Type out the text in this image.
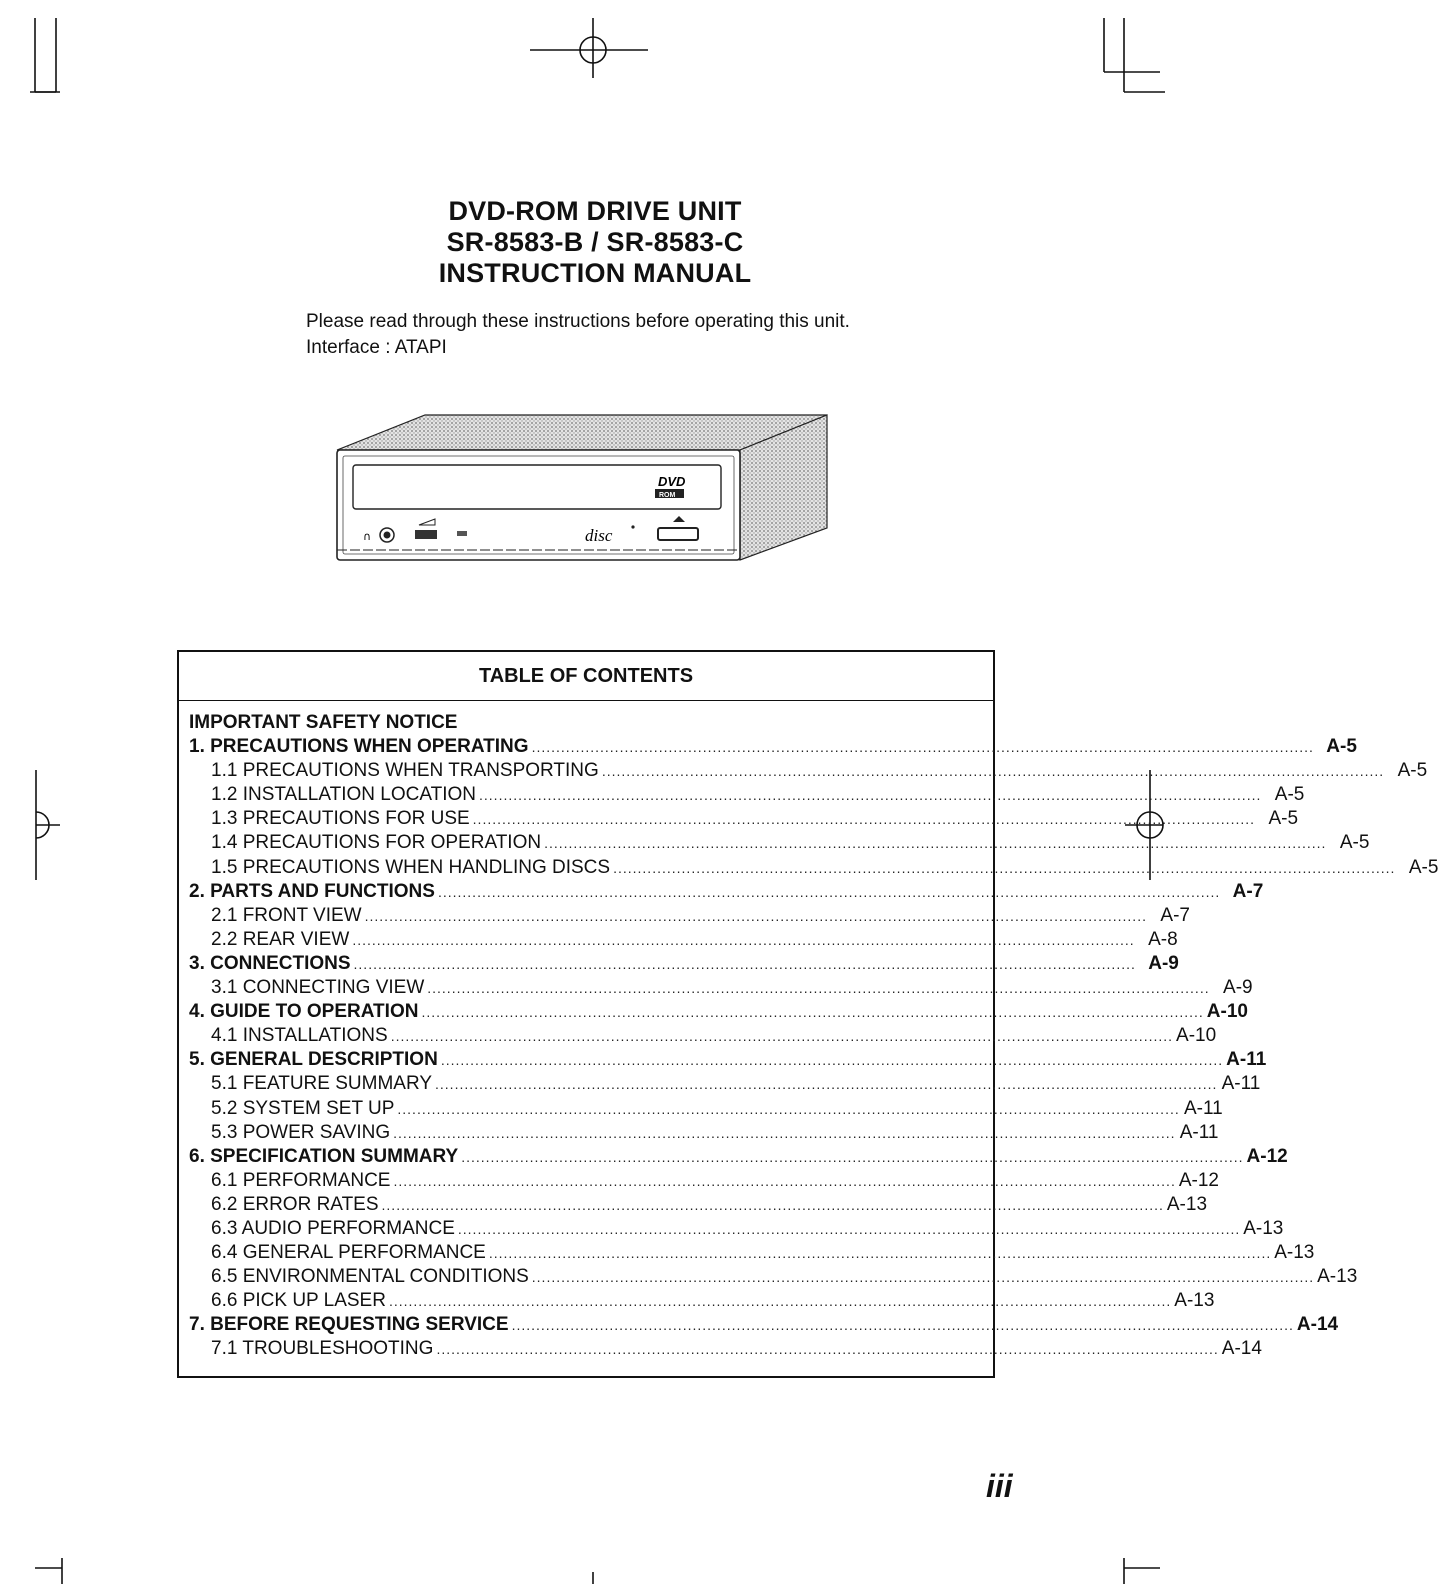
DVD-ROM DRIVE UNIT
SR-8583-B / SR-8583-C
INSTRUCTION MANUAL
Please read through these instructions before operating this unit.
Interface : ATAPI
DVD
ROM
∩	disc
TABLE OF CONTENTS
IMPORTANT SAFETY NOTICE
1. PRECAUTIONS WHEN OPERATING ................................................................................................................................................................ A-5
1.1 PRECAUTIONS WHEN TRANSPORTING ................................................................................................................................................................ A-5
1.2 INSTALLATION LOCATION ................................................................................................................................................................ A-5
1.3 PRECAUTIONS FOR USE ................................................................................................................................................................ A-5
1.4 PRECAUTIONS FOR OPERATION ................................................................................................................................................................ A-5
1.5 PRECAUTIONS WHEN HANDLING DISCS ................................................................................................................................................................ A-5
2. PARTS AND FUNCTIONS ................................................................................................................................................................ A-7
2.1 FRONT VIEW ................................................................................................................................................................ A-7
2.2 REAR VIEW ................................................................................................................................................................ A-8
3. CONNECTIONS ................................................................................................................................................................ A-9
3.1 CONNECTING VIEW ................................................................................................................................................................ A-9
4. GUIDE TO OPERATION ................................................................................................................................................................ A-10
4.1 INSTALLATIONS ................................................................................................................................................................ A-10
5. GENERAL DESCRIPTION ................................................................................................................................................................ A-11
5.1 FEATURE SUMMARY ................................................................................................................................................................ A-11
5.2 SYSTEM SET UP ................................................................................................................................................................ A-11
5.3 POWER SAVING ................................................................................................................................................................ A-11
6. SPECIFICATION SUMMARY ................................................................................................................................................................ A-12
6.1 PERFORMANCE ................................................................................................................................................................ A-12
6.2 ERROR RATES ................................................................................................................................................................ A-13
6.3 AUDIO PERFORMANCE ................................................................................................................................................................ A-13
6.4 GENERAL PERFORMANCE ................................................................................................................................................................ A-13
6.5 ENVIRONMENTAL CONDITIONS ................................................................................................................................................................ A-13
6.6 PICK UP LASER ................................................................................................................................................................ A-13
7. BEFORE REQUESTING SERVICE ................................................................................................................................................................ A-14
7.1 TROUBLESHOOTING ................................................................................................................................................................ A-14
iii
